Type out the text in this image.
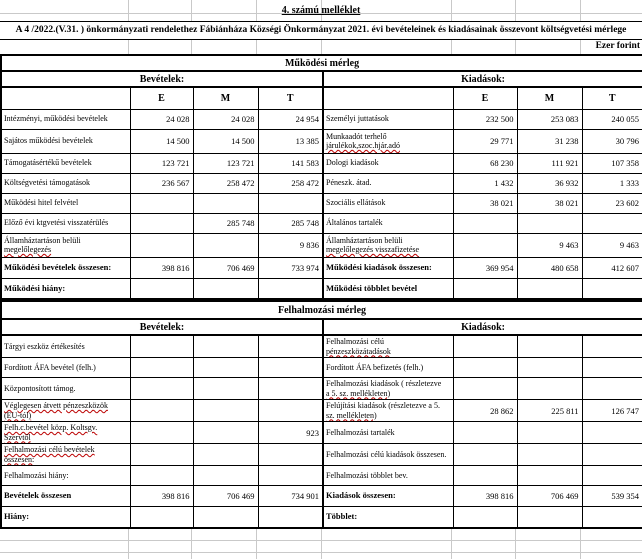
4. számú melléklet
A 4 /2022.(V.31. ) önkormányzati rendelethez Fábiánháza Községi Önkormányzat 2021. évi bevételeinek és kiadásainak összevont költségvetési mérlege
Ezer forint
Működési mérleg							
Bevételek:				Kiadások:			
	E	M	T		E	M	T

Intézményi, működési bevételek	24 028	24 028	24 954	Személyi juttatások	232 500	253 083	240 055

Sajátos működési bevételek	14 500	14 500	13 385	Munkaadót terhelő
járulékok,szoc.hjár.adó	29 771	31 238	30 796

Támogatásértékű bevételek	123 721	123 721	141 583	Dologi kiadások	68 230	111 921	107 358

Költségvetési támogatások	236 567	258 472	258 472	Péneszk. átad.	1 432	36 932	1 333

Működési hitel felvétel				Szociális ellátások	38 021	38 021	23 602

Előző évi ktgvetési visszatérülés		285 748	285 748	Általános tartalék			

Államháztartáson belüli
megelőlegezés			9 836	Államháztartáson belüli
megelőlegezés visszafizetése		9 463	9 463

Működési bevételek összesen:	398 816	706 469	733 974	Működési kiadások összesen:	369 954	480 658	412 607

Működési hiány:				Működési többlet bevétel			

Felhalmozási mérleg							
Bevételek:				Kiadások:			

Tárgyi eszköz értékesítés				Felhalmozási célú
pénzeszközátadások			

Fordított ÁFA bevétel (felh.)				Fordított ÁFA befizetés (felh.)			

Központosított támog.				Felhalmozási kiadások ( részletezve
a 5. sz. mellékleten)			

Véglegesen átvett pénzeszközök
(EU-tól)				Felújítási kiadások (részletezve a 5.
sz. mellékleten)	28 862	225 811	126 747

Felh.c.bevétel közp. Koltsgv.
Szervtől			923	Felhalmozási tartalék			

Felhalmozási célú bevételek
összesen:				Felhalmozási célú kiadások összesen.			

Felhalmozási hiány:				Felhalmozási többlet bev.			

Bevételek összesen	398 816	706 469	734 901	Kiadások összesen:	398 816	706 469	539 354

Hiány:				Többlet:			
